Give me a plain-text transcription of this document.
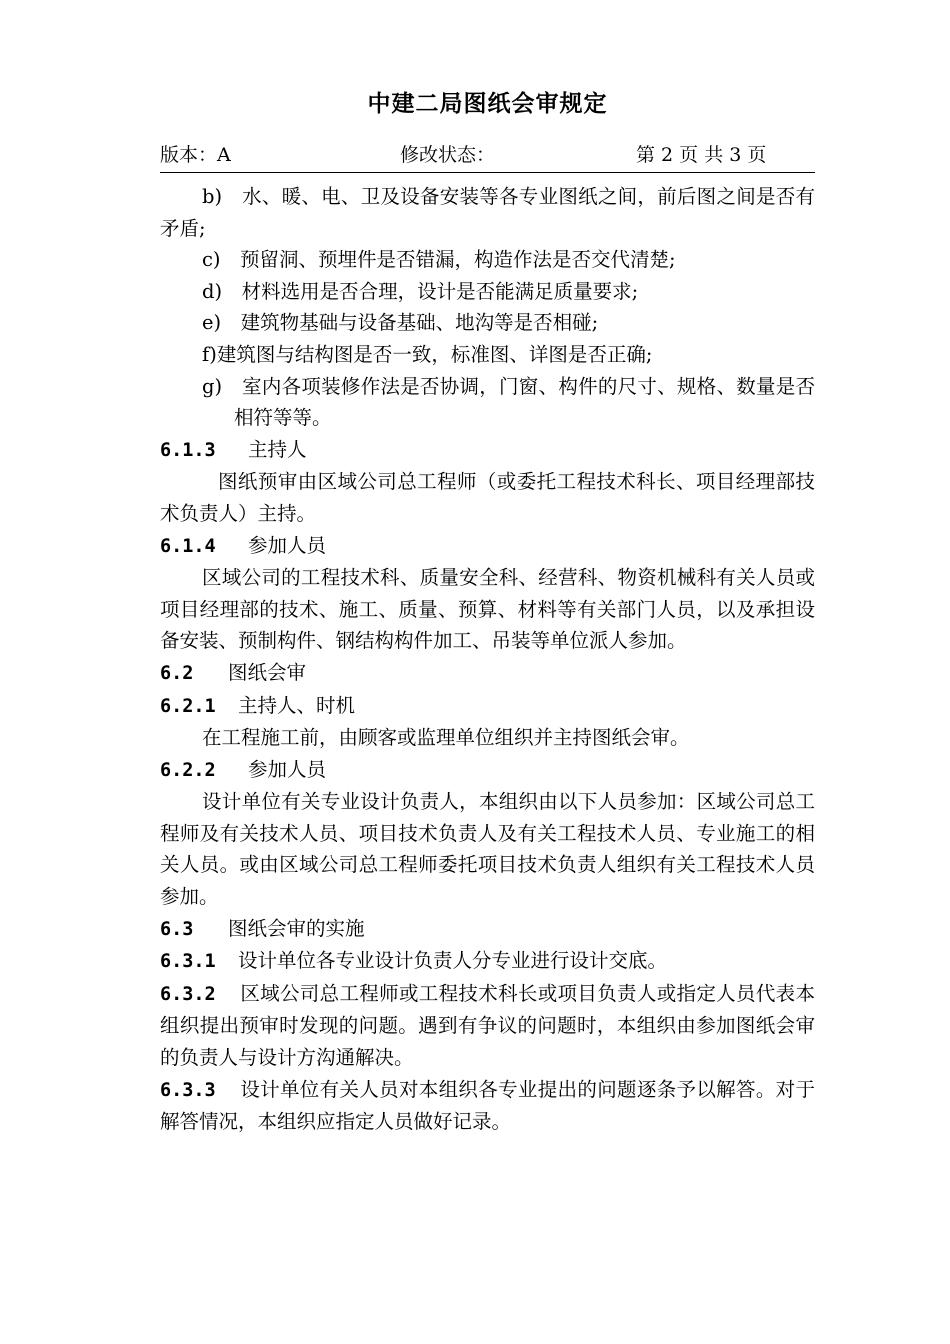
中建二局图纸会审规定
版本：A	修改状态：	第 2 页 共 3 页

b)　水、暖、电、卫及设备安装等各专业图纸之间，前后图之间是否有矛盾;

c)　预留洞、预埋件是否错漏，构造作法是否交代清楚;

d)　材料选用是否合理，设计是否能满足质量要求;

e)　建筑物基础与设备基础、地沟等是否相碰;

f)建筑图与结构图是否一致，标准图、详图是否正确;

g)　室内各项装修作法是否协调，门窗、构件的尺寸、规格、数量是否相符等等。

6.1.3 主持人

图纸预审由区域公司总工程师（或委托工程技术科长、项目经理部技术负责人）主持。

6.1.4 参加人员

区域公司的工程技术科、质量安全科、经营科、物资机械科有关人员或项目经理部的技术、施工、质量、预算、材料等有关部门人员，以及承担设备安装、预制构件、钢结构构件加工、吊装等单位派人参加。

6.2 图纸会审

6.2.1 主持人、时机

在工程施工前，由顾客或监理单位组织并主持图纸会审。

6.2.2 参加人员

设计单位有关专业设计负责人，本组织由以下人员参加：区域公司总工程师及有关技术人员、项目技术负责人及有关工程技术人员、专业施工的相关人员。或由区域公司总工程师委托项目技术负责人组织有关工程技术人员参加。

6.3 图纸会审的实施

6.3.1 设计单位各专业设计负责人分专业进行设计交底。

6.3.2 区域公司总工程师或工程技术科长或项目负责人或指定人员代表本组织提出预审时发现的问题。遇到有争议的问题时，本组织由参加图纸会审的负责人与设计方沟通解决。

6.3.3 设计单位有关人员对本组织各专业提出的问题逐条予以解答。对于解答情况，本组织应指定人员做好记录。
